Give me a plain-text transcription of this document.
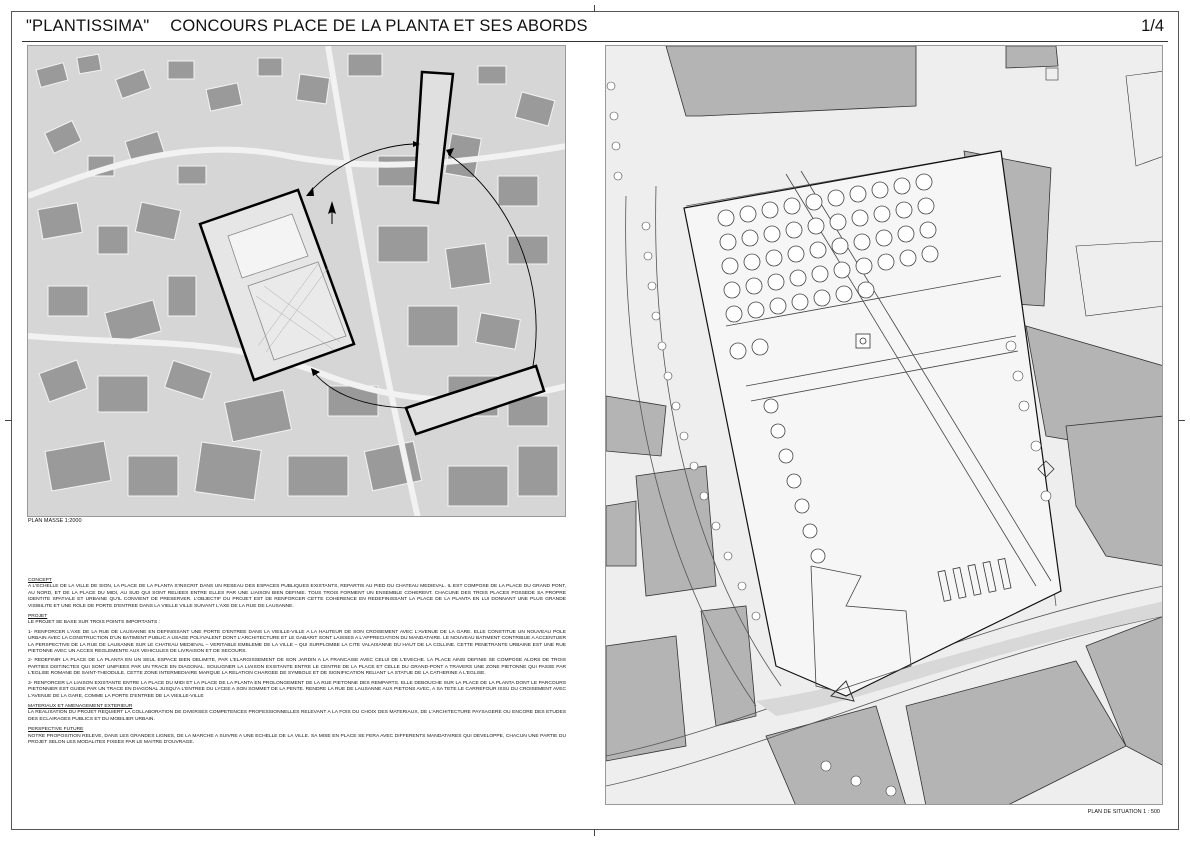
"PLANTISSIMA" CONCOURS PLACE DE LA PLANTA ET SES ABORDS	1/4
PLAN MASSE 1:2000
CONCEPT

A L'ECHELLE DE LA VILLE DE SION, LA PLACE DE LA PLANTA S'INSCRIT DANS UN RESEAU DES ESPACES PUBLIQUES EXISTANTS, REPARTIS AU PIED DU CHATEAU MEDIEVAL. IL EST COMPOSE DE LA PLACE DU GRAND PONT, AU NORD, ET DE LA PLACE DU MIDI, AU SUD QUI SONT RELIEES ENTRE ELLES PAR UNE LIAISON BIEN DEFINIE. TOUS TROIS FORMENT UN ENSEMBLE COHERENT. CHACUNE DES TROIS PLACES POSSEDE SA PROPRE IDENTITE SPATIALE ET URBAINE QU'IL CONVIENT DE PRESERVER. L'OBJECTIF DU PROJET EST DE RENFORCER CETTE COHERENCE EN REDEFINISSANT LA PLACE DE LA PLANTA EN LUI DONNANT UNE PLUS GRANDE VISIBILITE ET UNE ROLE DE PORTE D'ENTREE DANS LA VIELLE VILLE SUIVANT L'AXE DE LA RUE DE LAUSANNE.

PROJET

LE PROJET SE BASE SUR TROIS POINTS IMPORTANTS :

1- RENFORCER L'AXE DE LA RUE DE LAUSANNE EN DEFINISSANT UNE PORTE D'ENTREE DANS LA VIEILLE-VILLE A LA HAUTEUR DE SON CROISEMENT AVEC L'AVENUE DE LA GARE. ELLE CONSTITUE UN NOUVEAU POLE URBAIN AVEC LA CONSTRUCTION D'UN BATIMENT PUBLIC A USAGE POLYVALENT DONT L'ARCHITECTURE ET LE GABARIT SONT LAISSES A L'APPRECIATION DU MANDATAIRE. LE NOUVEAU BATIMENT CONTRIBUE A ACCENTUER LA PERSPECTIVE DE LA RUE DE LAUSANNE SUR LE CHATEAU MEDIEVAL – VERITABLE EMBLEME DE LA VILLE – QUI SURPLOMBE LA CITE VALAISANNE DU HAUT DE LA COLLINE. CETTE PENETRANTE URBAINE EST UNE RUE PIETONNE AVEC UN ACCES REGLEMENTE AUX VEHICULES DE LIVRAISON ET DE SECOURS.

2- REDEFINIR LA PLACE DE LA PLANTA EN UN SEUL ESPACE BIEN DELIMITE, PAR L'ELARGISSEMENT DE SON JARDIN A LA FRANCAISE AVEC CELUI DE L'EVECHE. LA PLACE AINSI DEFINIE SE COMPOSE ALORS DE TROIS PARTIES DISTINCTES QUI SONT UNIFIEES PAR UN TRACE EN DIAGONAL. SOULIGNER LA LIAISON EXISTANTE ENTRE LE CENTRE DE LA PLACE ET CELLE DU GRAND-PONT A TRAVERS UNE ZONE PIETONNE QUI PASSE PAR L'EGLISE ROMANE DE SAINT-THEODULE. CETTE ZONE INTERMEDIAIRE MARQUE LA RELATION CHARGEE DE SYMBOLE ET DE SIGNIFICATION RELIANT LA STATUE DE LA CATHERINE A L'EGLISE.

3- RENFORCER LA LIAISON EXISTANTE ENTRE LA PLACE DU MIDI ET LA PLACE DE LA PLANTA EN PROLONGEMENT DE LA RUE PIETONNE DES REMPARTS. ELLE DEBOUCHE SUR LA PLACE DE LA PLANTA DONT LE PARCOURS PIETONNIER EST GUIDE PAR UN TRACE EN DIAGONAL JUSQU'A L'ENTREE DU LYCEE A SON SOMMET DE LA PENTE. RENDRE LA RUE DE LAUSANNE AUX PIETONS AVEC, A SA TETE LE CARREFOUR ISSU DU CROISEMENT AVEC L'AVENUE DE LA GARE, COMME LA PORTE D'ENTREE DE LA VIEILLE-VILLE

MATERIAUX ET AMENAGEMENT EXTERIEUR

LA REALISATION DU PROJET REQUIERT LA COLLABORATION DE DIVERSES COMPETENCES PROFESSIONNELLES RELEVANT A LA FOIS DU CHOIX DES MATERIAUX, DE L'ARCHITECTURE PAYSAGERE OU ENCORE DES ETUDES DES ECLAIRAGES PUBLICS ET DU MOBILIER URBAIN.

PERSPECTIVE FUTURE

NOTRE PROPOSITION RELEVE, DANS LES GRANDES LIGNES, DE LA MARCHE A SUIVRE A UNE ECHELLE DE LA VILLE. SA MISE EN PLACE SE FERA AVEC DIFFERENTS MANDATAIRES QUI DEVELOPPE, CHACUN UNE PARTIE DU PROJET SELON LES MODALITES FIXEES PAR LE MAITRE D'OUVRAGE.

PLAN DE SITUATION 1 : 500
